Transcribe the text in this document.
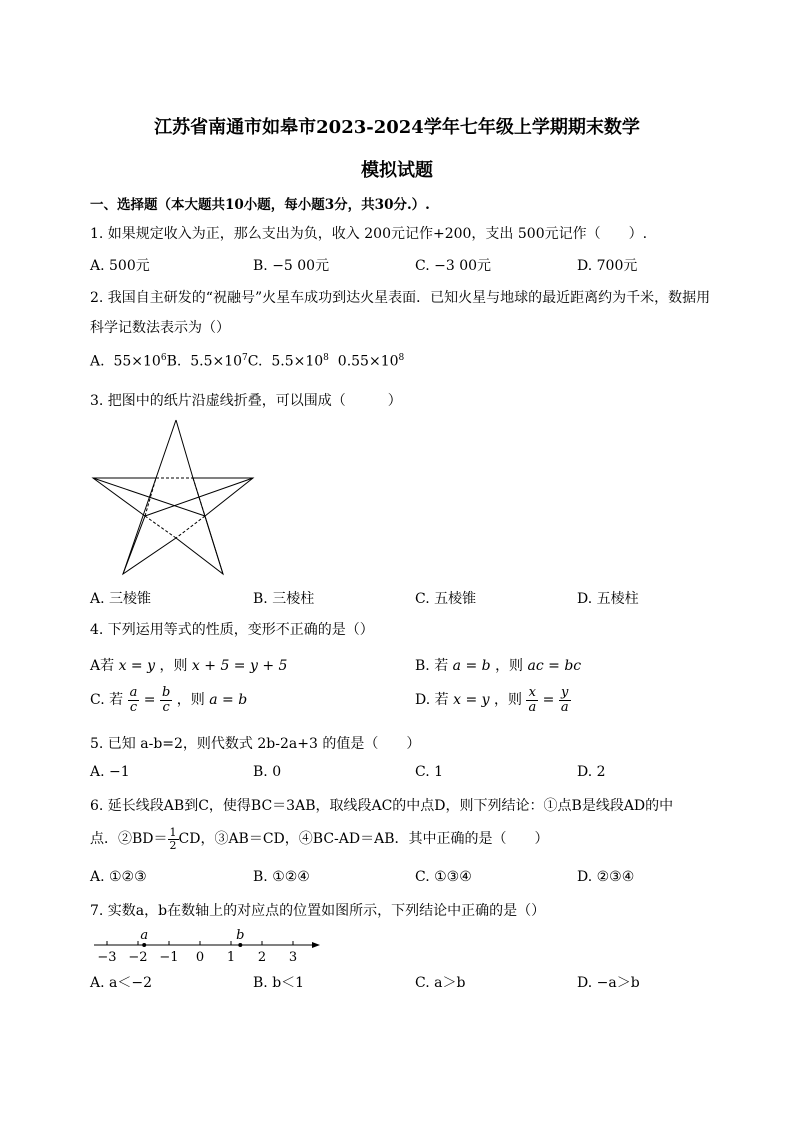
江苏省南通市如皋市2023-2024学年七年级上学期期末数学
模拟试题
一、选择题（本大题共10小题，每小题3分，共30分.）.
1. 如果规定收入为正，那么支出为负，收入 200元记作+200，支出 500元记作（　　）.
A. 500元	B. −5 00元	C. −3 00元	D. 700元
2. 我国自主研发的“祝融号”火星车成功到达火星表面．已知火星与地球的最近距离约为千米，数据用
科学记数法表示为（）
A. $55\times 10^6B$. $5.5\times 10^7C$. $5.5\times 10^8$ $0.55\times 10^8$
3. 把图中的纸片沿虚线折叠，可以围成（　　　）
A. 三棱锥	B. 三棱柱	C. 五棱锥	D. 五棱柱
4. 下列运用等式的性质，变形不正确的是（）
A若 x = y ，则 x + 5 = y + 5	B. 若 a = b ，则 ac = bc
C. 若 $\frac{a}{c} = \frac{b}{c}$ ，则 a = b	D. 若 x = y ，则 $\frac{x}{a} = \frac{y}{a}$
5. 已知 a-b=2，则代数式 2b-2a+3 的值是（　　）
A. −1	B. 0	C. 1	D. 2
6. 延长线段AB到C，使得BC＝3AB，取线段AC的中点D，则下列结论：①点B是线段AD的中
点．②BD＝ $\frac{1}{2}$ CD，③AB＝CD，④BC-AD＝AB．其中正确的是（　　）
A. ①②③	B. ①②④	C. ①③④	D. ②③④
7. 实数a，b在数轴上的对应点的位置如图所示，下列结论中正确的是（）
−3 −2 −1 0 1 2 3
a	b
A. a＜−2	B. b＜1	C. a＞b	D. −a＞b
